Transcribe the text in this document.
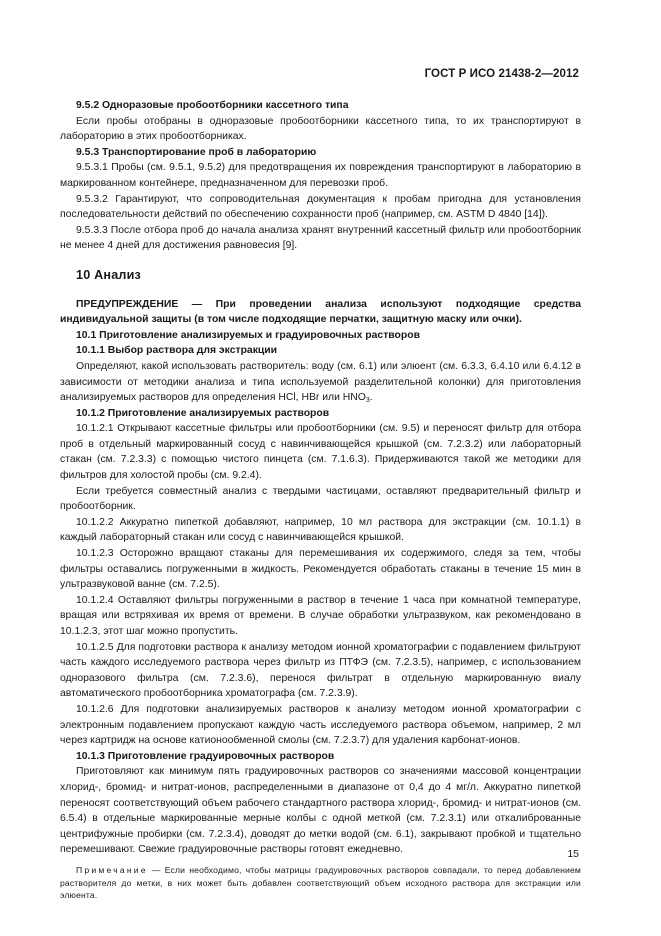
ГОСТ Р ИСО 21438-2—2012

9.5.2 Одноразовые пробоотборники кассетного типа

Если пробы отобраны в одноразовые пробоотборники кассетного типа, то их транспортируют в лабораторию в этих пробоотборниках.

9.5.3 Транспортирование проб в лабораторию

9.5.3.1 Пробы (см. 9.5.1, 9.5.2) для предотвращения их повреждения транспортируют в лабораторию в маркированном контейнере, предназначенном для перевозки проб.

9.5.3.2 Гарантируют, что сопроводительная документация к пробам пригодна для установления последовательности действий по обеспечению сохранности проб (например, см. ASTM D 4840 [14]).

9.5.3.3 После отбора проб до начала анализа хранят внутренний кассетный фильтр или пробоотборник не менее 4 дней для достижения равновесия [9].

10 Анализ

ПРЕДУПРЕЖДЕНИЕ — При проведении анализа используют подходящие средства индивидуальной защиты (в том числе подходящие перчатки, защитную маску или очки).

10.1 Приготовление анализируемых и градуировочных растворов

10.1.1 Выбор раствора для экстракции

Определяют, какой использовать растворитель: воду (см. 6.1) или элюент (см. 6.3.3, 6.4.10 или 6.4.12 в зависимости от методики анализа и типа используемой разделительной колонки) для приготовления анализируемых растворов для определения HCl, HBr или $HNO_3$.

10.1.2 Приготовление анализируемых растворов

10.1.2.1 Открывают кассетные фильтры или пробоотборники (см. 9.5) и переносят фильтр для отбора проб в отдельный маркированный сосуд с навинчивающейся крышкой (см. 7.2.3.2) или лабораторный стакан (см. 7.2.3.3) с помощью чистого пинцета (см. 7.1.6.3). Придерживаются такой же методики для фильтров для холостой пробы (см. 9.2.4).

Если требуется совместный анализ с твердыми частицами, оставляют предварительный фильтр и пробоотборник.

10.1.2.2 Аккуратно пипеткой добавляют, например, 10 мл раствора для экстракции (см. 10.1.1) в каждый лабораторный стакан или сосуд с навинчивающейся крышкой.

10.1.2.3 Осторожно вращают стаканы для перемешивания их содержимого, следя за тем, чтобы фильтры оставались погруженными в жидкость. Рекомендуется обработать стаканы в течение 15 мин в ультразвуковой ванне (см. 7.2.5).

10.1.2.4 Оставляют фильтры погруженными в раствор в течение 1 часа при комнатной температуре, вращая или встряхивая их время от времени. В случае обработки ультразвуком, как рекомендовано в 10.1.2.3, этот шаг можно пропустить.

10.1.2.5 Для подготовки раствора к анализу методом ионной хроматографии с подавлением фильтруют часть каждого исследуемого раствора через фильтр из ПТФЭ (см. 7.2.3.5), например, с использованием одноразового фильтра (см. 7.2.3.6), перенося фильтрат в отдельную маркированную виалу автоматического пробоотборника хроматографа (см. 7.2.3.9).

10.1.2.6 Для подготовки анализируемых растворов к анализу методом ионной хроматографии с электронным подавлением пропускают каждую часть исследуемого раствора объемом, например, 2 мл через картридж на основе катионообменной смолы (см. 7.2.3.7) для удаления карбонат-ионов.

10.1.3 Приготовление градуировочных растворов

Приготовляют как минимум пять градуировочных растворов со значениями массовой концентрации хлорид-, бромид- и нитрат-ионов, распределенными в диапазоне от 0,4 до 4 мг/л. Аккуратно пипеткой переносят соответствующий объем рабочего стандартного раствора хлорид-, бромид- и нитрат-ионов (см. 6.5.4) в отдельные маркированные мерные колбы с одной меткой (см. 7.2.3.1) или откалиброванные центрифужные пробирки (см. 7.2.3.4), доводят до метки водой (см. 6.1), закрывают пробкой и тщательно перемешивают. Свежие градуировочные растворы готовят ежедневно.

Примечание — Если необходимо, чтобы матрицы градуировочных растворов совпадали, то перед добавлением растворителя до метки, в них может быть добавлен соответствующий объем исходного раствора для экстракции или элюента.

15
